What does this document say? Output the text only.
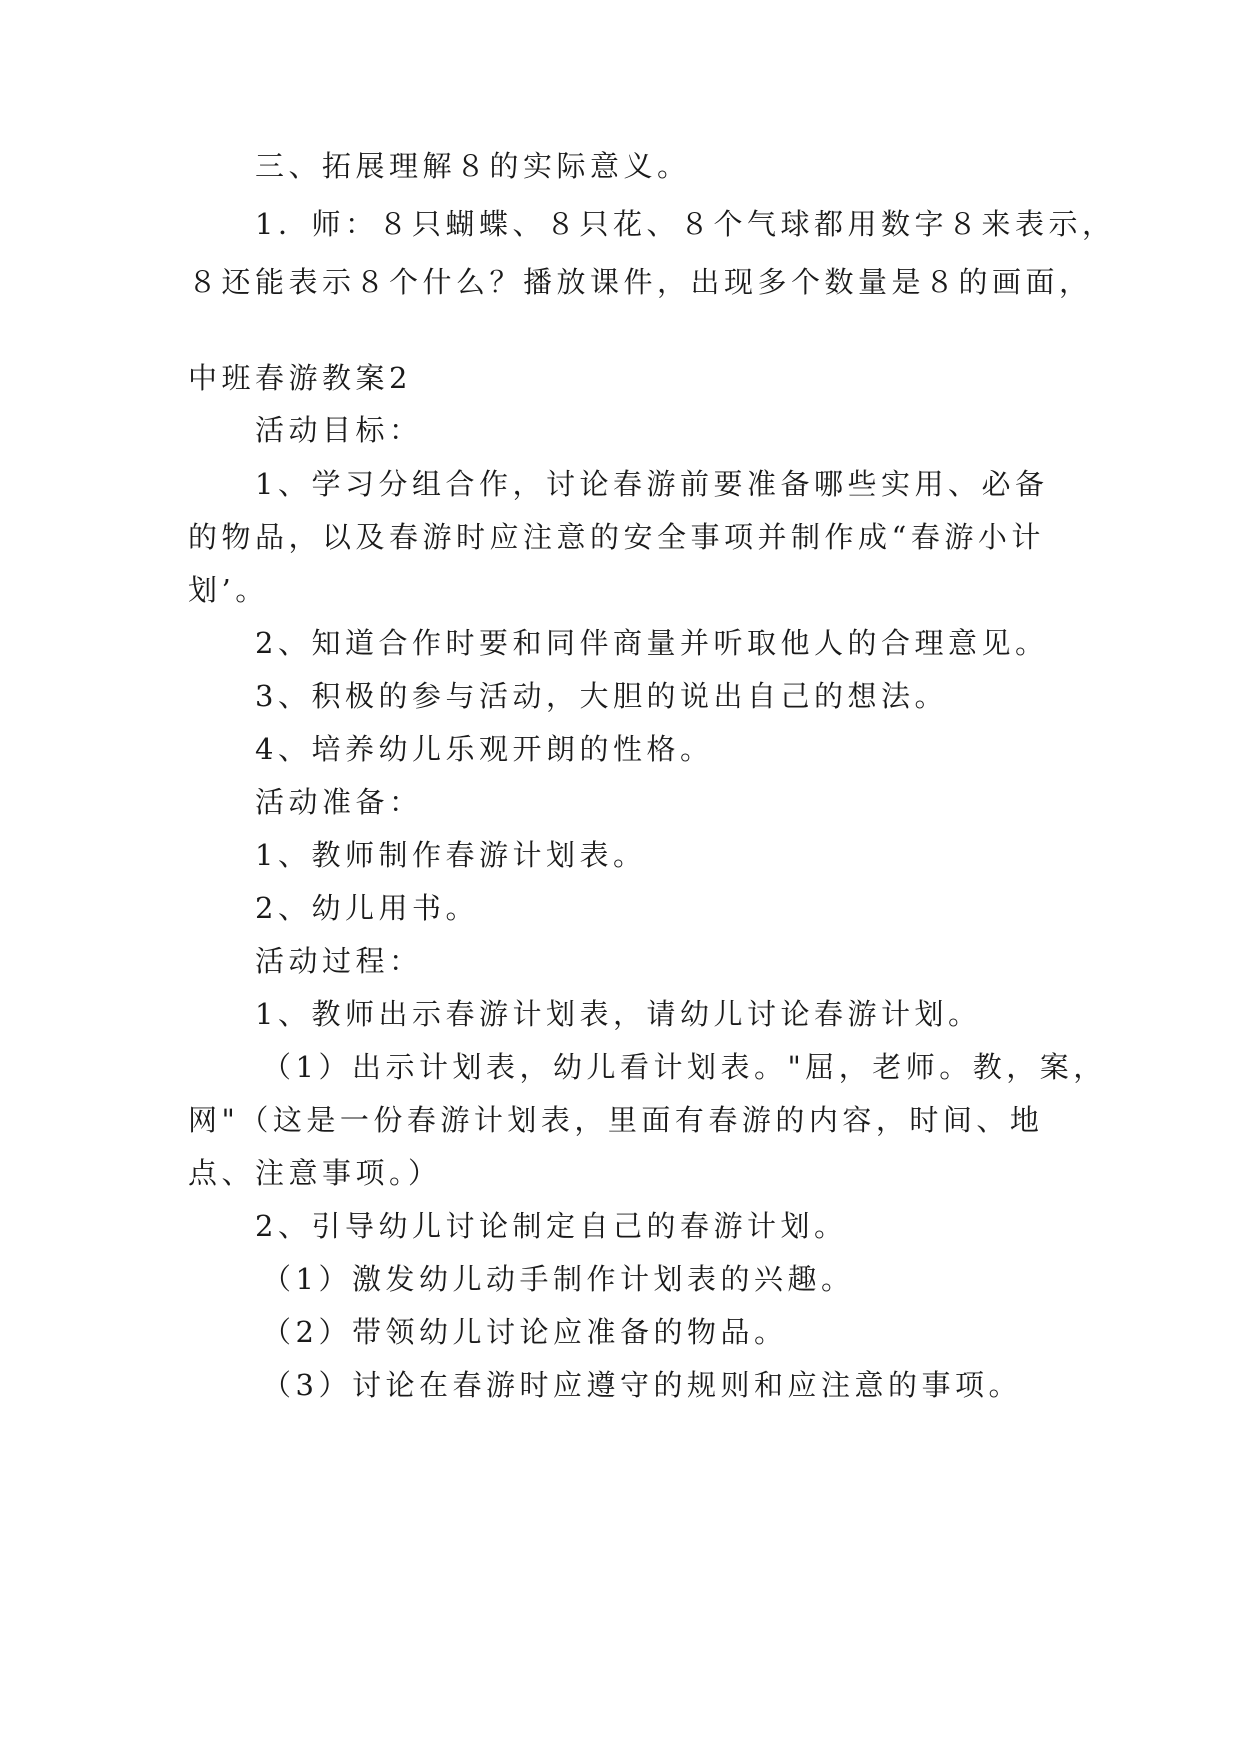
三、拓展理解８的实际意义。
1．师：８只蝴蝶、８只花、８个气球都用数字８来表示，
８还能表示８个什么？播放课件，出现多个数量是８的画面，
中班春游教案2
活动目标：
1、学习分组合作，讨论春游前要准备哪些实用、必备
的物品，以及春游时应注意的安全事项并制作成“春游小计
划’。
2、知道合作时要和同伴商量并听取他人的合理意见。
3、积极的参与活动，大胆的说出自己的想法。
4、培养幼儿乐观开朗的性格。
活动准备：
1、教师制作春游计划表。
2、幼儿用书。
活动过程：
1、教师出示春游计划表，请幼儿讨论春游计划。
（1）出示计划表，幼儿看计划表。"屈，老师。教，案，
网"（这是一份春游计划表，里面有春游的内容，时间、地
点、注意事项。）
2、引导幼儿讨论制定自己的春游计划。
（1）激发幼儿动手制作计划表的兴趣。
（2）带领幼儿讨论应准备的物品。
（3）讨论在春游时应遵守的规则和应注意的事项。
